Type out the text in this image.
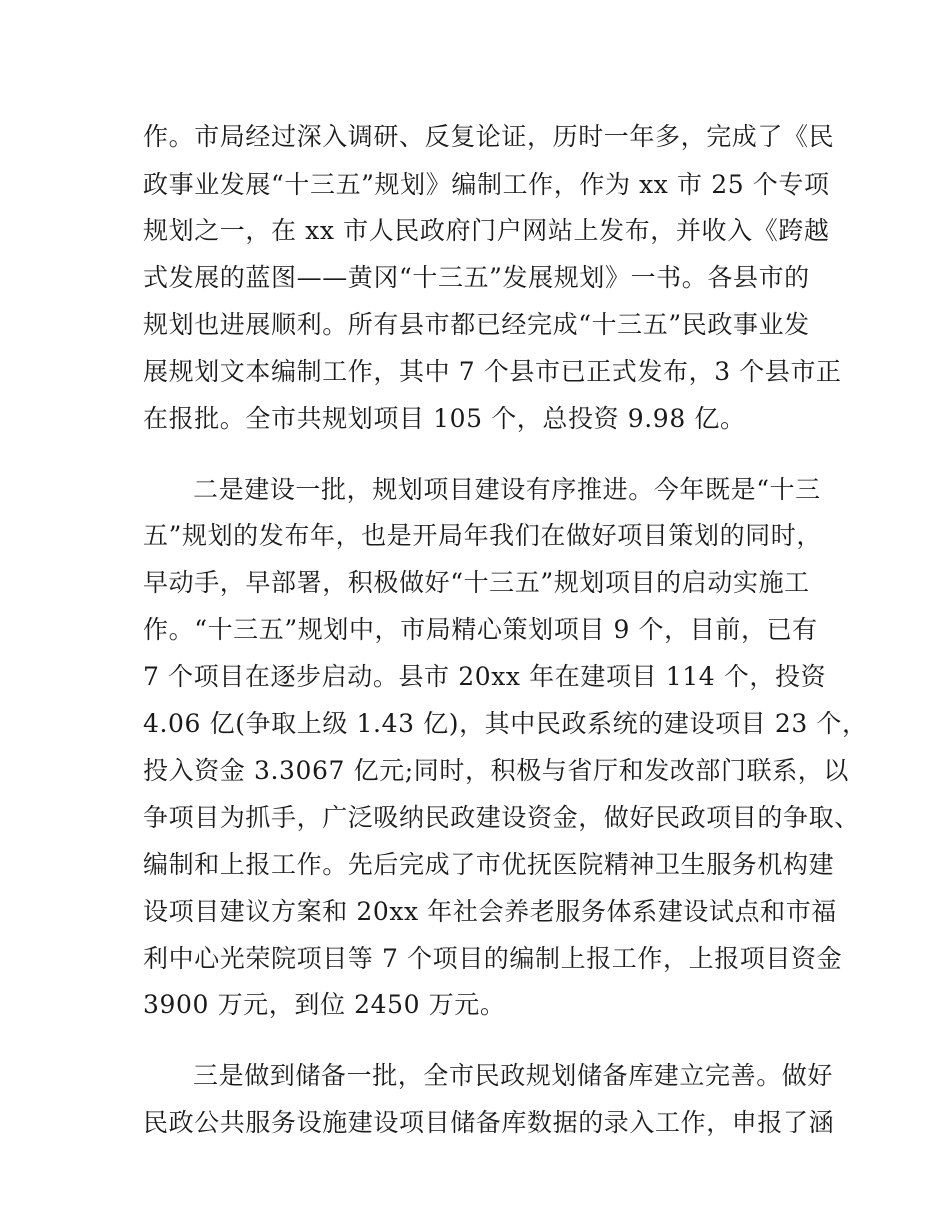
作。市局经过深入调研、反复论证，历时一年多，完成了《民
政事业发展“十三五”规划》编制工作，作为 xx 市 25 个专项
规划之一，在 xx 市人民政府门户网站上发布，并收入《跨越
式发展的蓝图——黄冈“十三五”发展规划》一书。各县市的
规划也进展顺利。所有县市都已经完成“十三五”民政事业发
展规划文本编制工作，其中 7 个县市已正式发布，3 个县市正
在报批。全市共规划项目 105 个，总投资 9.98 亿。
二是建设一批，规划项目建设有序推进。今年既是“十三
五”规划的发布年，也是开局年我们在做好项目策划的同时，
早动手，早部署，积极做好“十三五”规划项目的启动实施工
作。“十三五”规划中，市局精心策划项目 9 个，目前，已有
7 个项目在逐步启动。县市 20xx 年在建项目 114 个，投资
4.06 亿(争取上级 1.43 亿)，其中民政系统的建设项目 23 个，
投入资金 3.3067 亿元;同时，积极与省厅和发改部门联系，以
争项目为抓手，广泛吸纳民政建设资金，做好民政项目的争取、
编制和上报工作。先后完成了市优抚医院精神卫生服务机构建
设项目建议方案和 20xx 年社会养老服务体系建设试点和市福
利中心光荣院项目等 7 个项目的编制上报工作，上报项目资金
3900 万元，到位 2450 万元。
三是做到储备一批，全市民政规划储备库建立完善。做好
民政公共服务设施建设项目储备库数据的录入工作，申报了涵
